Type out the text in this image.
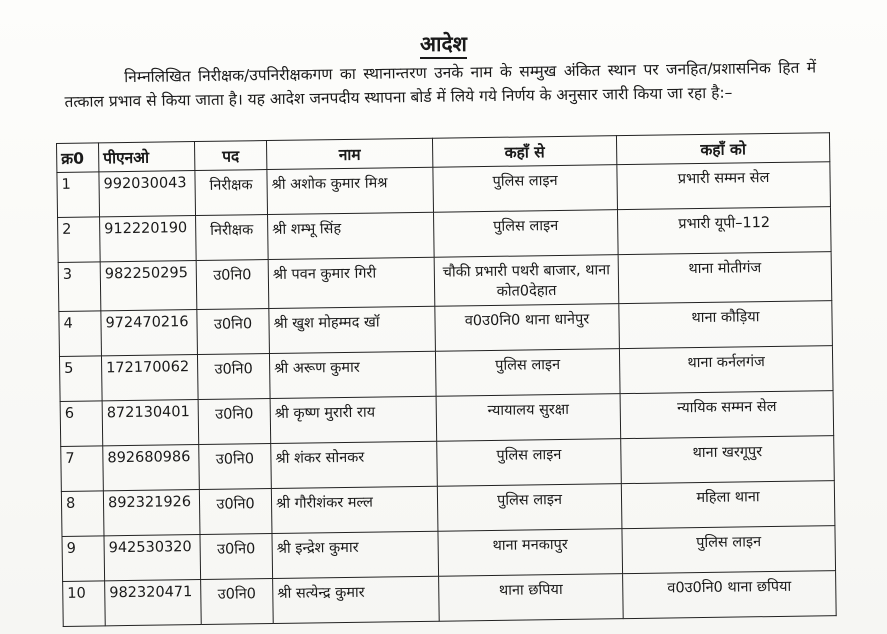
आदेश

निम्नलिखित निरीक्षक/उपनिरीक्षकगण का स्थानान्तरण उनके नाम के सम्मुख अंकित स्थान पर जनहित/प्रशासनिक हित में तत्काल प्रभाव से किया जाता है। यह आदेश जनपदीय स्थापना बोर्ड में लिये गये निर्णय के अनुसार जारी किया जा रहा है:–

क्र0	पीएनओ	पद	नाम	कहाँ से	कहाँ को
1	992030043	निरीक्षक	श्री अशोक कुमार मिश्र	पुलिस लाइन	प्रभारी सम्मन सेल
2	912220190	निरीक्षक	श्री शम्भू सिंह	पुलिस लाइन	प्रभारी यूपी–112
3	982250295	उ0नि0	श्री पवन कुमार गिरी	चौकी प्रभारी पथरी बाजार, थाना कोत0देहात	थाना मोतीगंज
4	972470216	उ0नि0	श्री खुश मोहम्मद खॉ	व0उ0नि0 थाना धानेपुर	थाना कौड़िया
5	172170062	उ0नि0	श्री अरूण कुमार	पुलिस लाइन	थाना कर्नलगंज
6	872130401	उ0नि0	श्री कृष्ण मुरारी राय	न्यायालय सुरक्षा	न्यायिक सम्मन सेल
7	892680986	उ0नि0	श्री शंकर सोनकर	पुलिस लाइन	थाना खरगूपुर
8	892321926	उ0नि0	श्री गौरीशंकर मल्ल	पुलिस लाइन	महिला थाना
9	942530320	उ0नि0	श्री इन्द्रेश कुमार	थाना मनकापुर	पुलिस लाइन
10	982320471	उ0नि0	श्री सत्येन्द्र कुमार	थाना छपिया	व0उ0नि0 थाना छपिया
